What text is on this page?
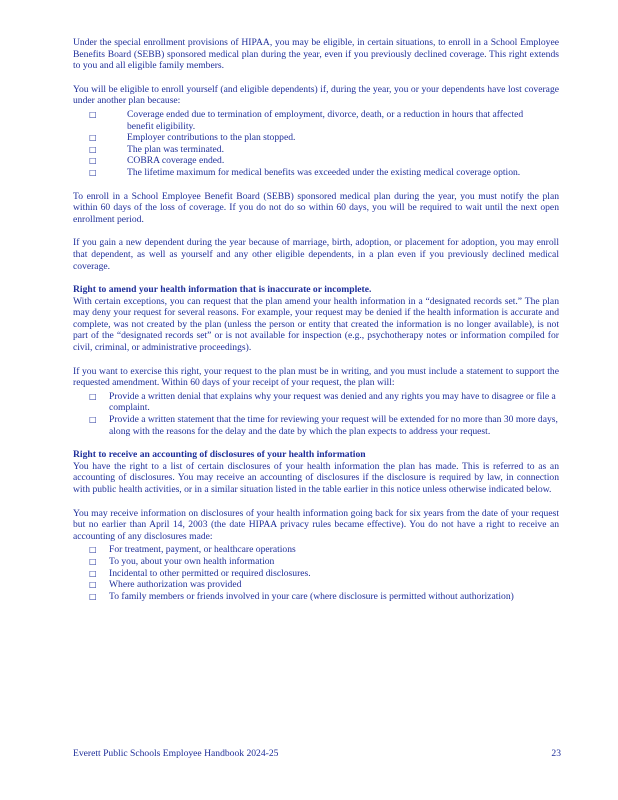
Under the special enrollment provisions of HIPAA, you may be eligible, in certain situations, to enroll in a School Employee Benefits Board (SEBB) sponsored medical plan during the year, even if you previously declined coverage. This right extends to you and all eligible family members.

You will be eligible to enroll yourself (and eligible dependents) if, during the year, you or your dependents have lost coverage under another plan because:

□	Coverage ended due to termination of employment, divorce, death, or a reduction in hours that affected benefit eligibility.
□	Employer contributions to the plan stopped.
□	The plan was terminated.
□	COBRA coverage ended.
□	The lifetime maximum for medical benefits was exceeded under the existing medical coverage option.

To enroll in a School Employee Benefit Board (SEBB) sponsored medical plan during the year, you must notify the plan within 60 days of the loss of coverage. If you do not do so within 60 days, you will be required to wait until the next open enrollment period.

If you gain a new dependent during the year because of marriage, birth, adoption, or placement for adoption, you may enroll that dependent, as well as yourself and any other eligible dependents, in a plan even if you previously declined medical coverage.

Right to amend your health information that is inaccurate or incomplete.

With certain exceptions, you can request that the plan amend your health information in a “designated records set.” The plan may deny your request for several reasons. For example, your request may be denied if the health information is accurate and complete, was not created by the plan (unless the person or entity that created the information is no longer available), is not part of the “designated records set” or is not available for inspection (e.g., psychotherapy notes or information compiled for civil, criminal, or administrative proceedings).

If you want to exercise this right, your request to the plan must be in writing, and you must include a statement to support the requested amendment. Within 60 days of your receipt of your request, the plan will:

□ Provide a written denial that explains why your request was denied and any rights you may have to disagree or file a complaint.
□ Provide a written statement that the time for reviewing your request will be extended for no more than 30 more days, along with the reasons for the delay and the date by which the plan expects to address your request.
Right to receive an accounting of disclosures of your health information

You have the right to a list of certain disclosures of your health information the plan has made. This is referred to as an accounting of disclosures. You may receive an accounting of disclosures if the disclosure is required by law, in connection with public health activities, or in a similar situation listed in the table earlier in this notice unless otherwise indicated below.

You may receive information on disclosures of your health information going back for six years from the date of your request but no earlier than April 14, 2003 (the date HIPAA privacy rules became effective). You do not have a right to receive an accounting of any disclosures made:

□ For treatment, payment, or healthcare operations
□ To you, about your own health information
□ Incidental to other permitted or required disclosures.
□ Where authorization was provided
□ To family members or friends involved in your care (where disclosure is permitted without authorization)
Everett Public Schools Employee Handbook 2024-25	23
